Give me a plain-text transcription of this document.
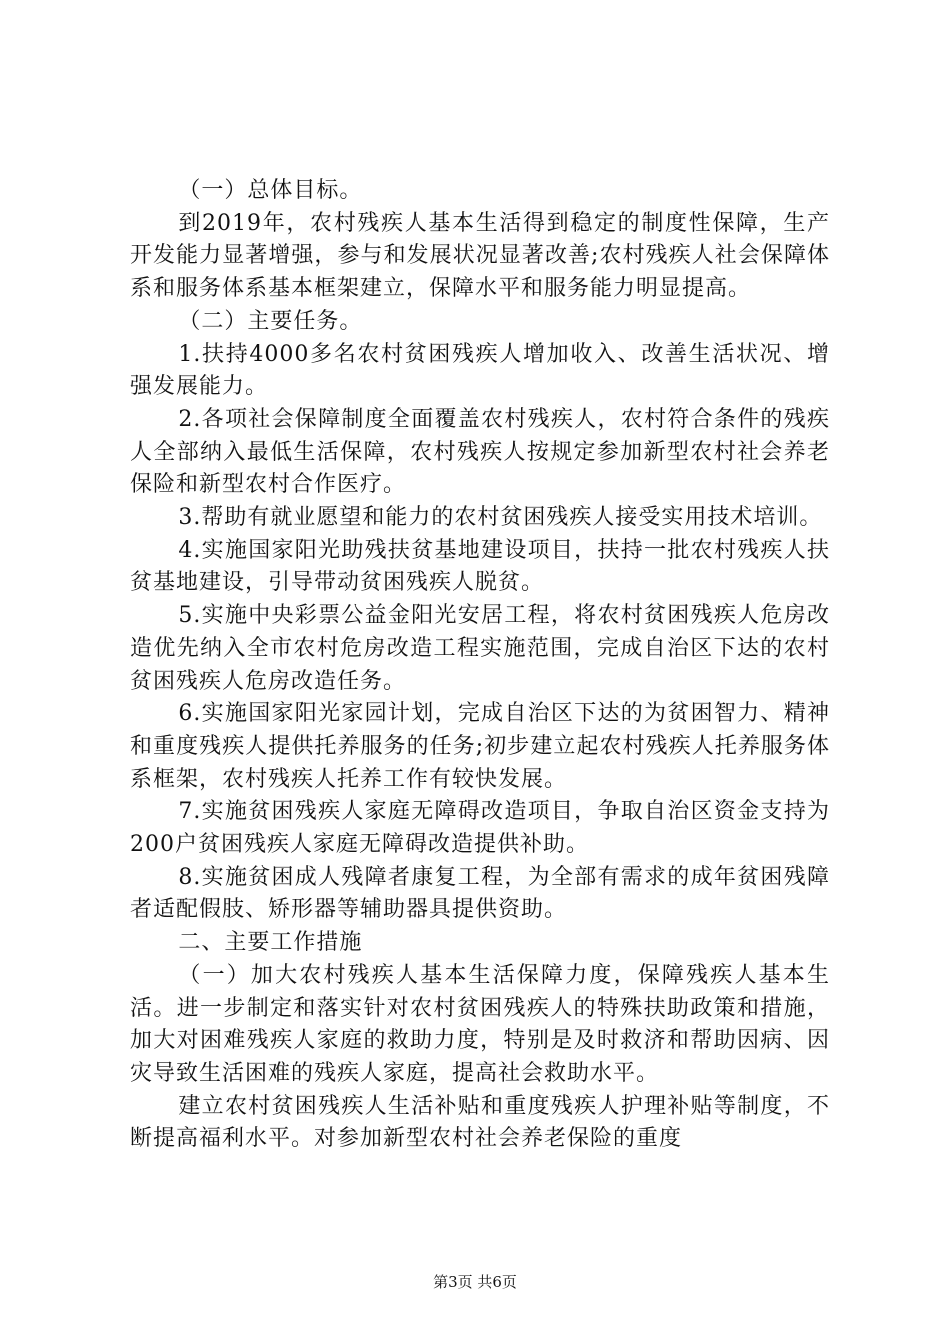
（一）总体目标。

到2019年，农村残疾人基本生活得到稳定的制度性保障，生产开发能力显著增强，参与和发展状况显著改善;农村残疾人社会保障体系和服务体系基本框架建立，保障水平和服务能力明显提高。

（二）主要任务。

1.扶持4000多名农村贫困残疾人增加收入、改善生活状况、增强发展能力。

2.各项社会保障制度全面覆盖农村残疾人，农村符合条件的残疾人全部纳入最低生活保障，农村残疾人按规定参加新型农村社会养老保险和新型农村合作医疗。

3.帮助有就业愿望和能力的农村贫困残疾人接受实用技术培训。

4.实施国家阳光助残扶贫基地建设项目，扶持一批农村残疾人扶贫基地建设，引导带动贫困残疾人脱贫。

5.实施中央彩票公益金阳光安居工程，将农村贫困残疾人危房改造优先纳入全市农村危房改造工程实施范围，完成自治区下达的农村贫困残疾人危房改造任务。

6.实施国家阳光家园计划，完成自治区下达的为贫困智力、精神和重度残疾人提供托养服务的任务;初步建立起农村残疾人托养服务体系框架，农村残疾人托养工作有较快发展。

7.实施贫困残疾人家庭无障碍改造项目，争取自治区资金支持为200户贫困残疾人家庭无障碍改造提供补助。

8.实施贫困成人残障者康复工程，为全部有需求的成年贫困残障者适配假肢、矫形器等辅助器具提供资助。

二、主要工作措施

（一）加大农村残疾人基本生活保障力度，保障残疾人基本生活。进一步制定和落实针对农村贫困残疾人的特殊扶助政策和措施，加大对困难残疾人家庭的救助力度，特别是及时救济和帮助因病、因灾导致生活困难的残疾人家庭，提高社会救助水平。

建立农村贫困残疾人生活补贴和重度残疾人护理补贴等制度，不断提高福利水平。对参加新型农村社会养老保险的重度

第3页 共6页
